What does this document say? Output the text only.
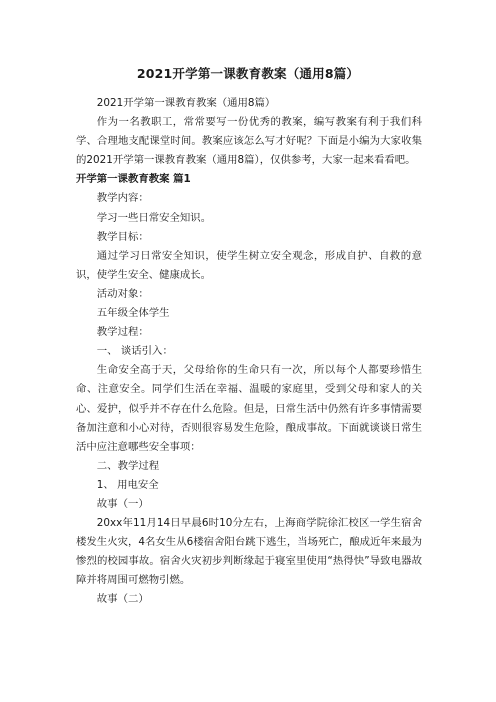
2021开学第一课教育教案（通用8篇）

2021开学第一课教育教案（通用8篇）

作为一名教职工，常常要写一份优秀的教案，编写教案有利于我们科学、合理地支配课堂时间。教案应该怎么写才好呢？下面是小编为大家收集的2021开学第一课教育教案（通用8篇），仅供参考，大家一起来看看吧。

开学第一课教育教案 篇1

教学内容：

学习一些日常安全知识。

教学目标：

通过学习日常安全知识，使学生树立安全观念，形成自护、自救的意识，使学生安全、健康成长。

活动对象：

五年级全体学生

教学过程：

一、 谈话引入：

生命安全高于天，父母给你的生命只有一次，所以每个人都要珍惜生命、注意安全。同学们生活在幸福、温暖的家庭里，受到父母和家人的关心、爱护，似乎并不存在什么危险。但是，日常生活中仍然有许多事情需要备加注意和小心对待，否则很容易发生危险，酿成事故。下面就谈谈日常生活中应注意哪些安全事项：

二、教学过程

1、 用电安全

故事（一）

20xx年11月14日早晨6时10分左右，上海商学院徐汇校区一学生宿舍楼发生火灾，4名女生从6楼宿舍阳台跳下逃生，当场死亡，酿成近年来最为惨烈的校园事故。宿舍火灾初步判断缘起于寝室里使用“热得快”导致电器故障并将周围可燃物引燃。

故事（二）
